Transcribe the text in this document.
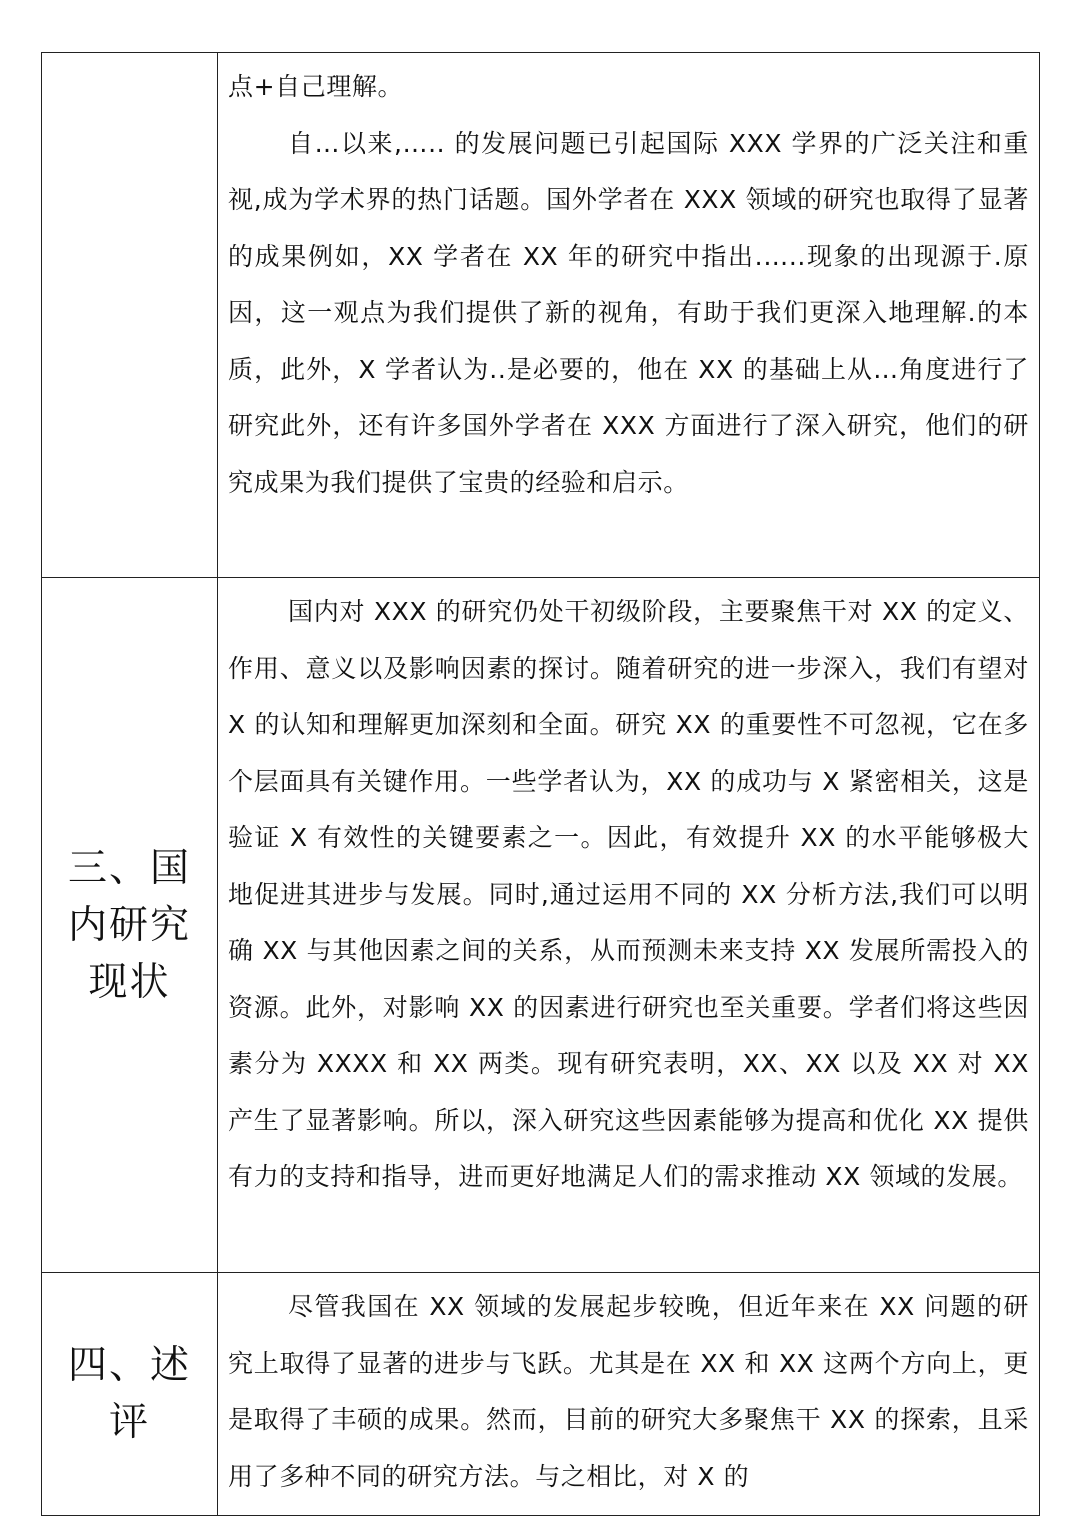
	点+自己理解。

自…以来,….. 的发展问题已引起国际 XXX 学界的广泛关注和重视,成为学术界的热门话题。国外学者在 XXX 领域的研究也取得了显著的成果例如，XX 学者在 XX 年的研究中指出.…..现象的出现源于.原因，这一观点为我们提供了新的视角，有助于我们更深入地理解.的本质，此外，X 学者认为..是必要的，他在 XX 的基础上从…角度进行了研究此外，还有许多国外学者在 XXX 方面进行了深入研究，他们的研究成果为我们提供了宝贵的经验和启示。

三、国内研究现状	国内对 XXX 的研究仍处干初级阶段，主要聚焦干对 XX 的定义、作用、意义以及影响因素的探讨。随着研究的进一步深入，我们有望对 X 的认知和理解更加深刻和全面。研究 XX 的重要性不可忽视，它在多个层面具有关键作用。一些学者认为，XX 的成功与 X 紧密相关，这是验证 X 有效性的关键要素之一。因此，有效提升 XX 的水平能够极大地促进其进步与发展。同时,通过运用不同的 XX 分析方法,我们可以明确 XX 与其他因素之间的关系，从而预测未来支持 XX 发展所需投入的资源。此外，对影响 XX 的因素进行研究也至关重要。学者们将这些因素分为 XXXX 和 XX 两类。现有研究表明，XX、XX 以及 XX 对 XX 产生了显著影响。所以，深入研究这些因素能够为提高和优化 XX 提供有力的支持和指导，进而更好地满足人们的需求推动 XX 领域的发展。

四、述评	尽管我国在 XX 领域的发展起步较晚，但近年来在 XX 问题的研究上取得了显著的进步与飞跃。尤其是在 XX 和 XX 这两个方向上，更是取得了丰硕的成果。然而，目前的研究大多聚焦干 XX 的探索，且采用了多种不同的研究方法。与之相比，对 X 的
